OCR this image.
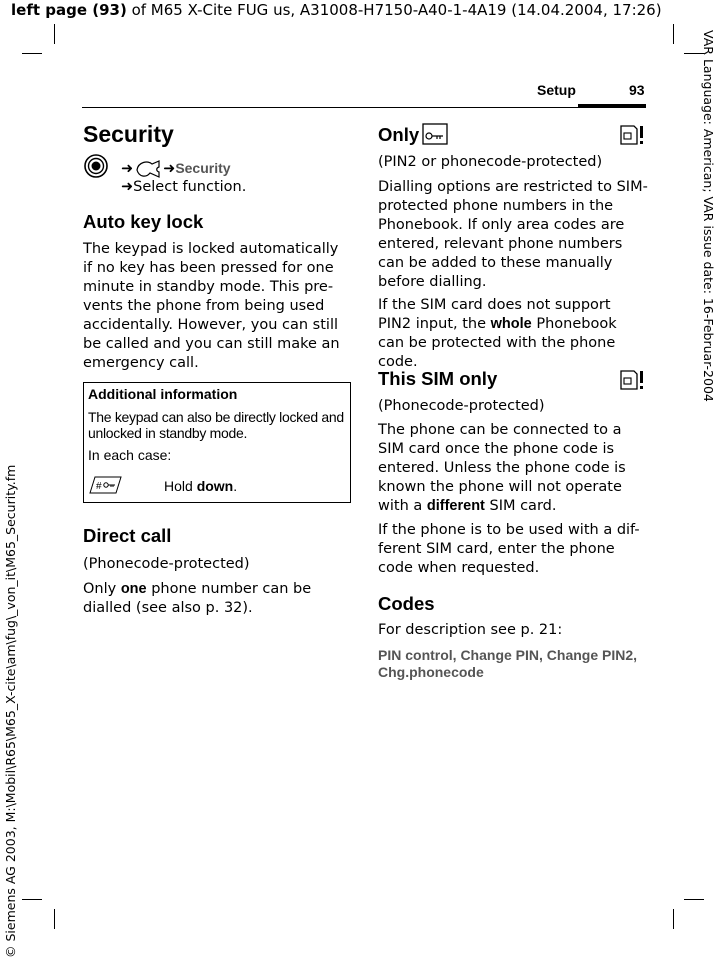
left page (93) of M65 X-Cite FUG us, A31008-H7150-A40-1-4A19 (14.04.2004, 17:26)
VAR Language: American; VAR issue date: 16-Februar-2004
© Siemens AG 2003, M:\Mobil\R65\M65_X-cite\am\fug\_von_it\M65_Security.fm
Setup	93
Security
➜ ➜Security
➜Select function.
Auto key lock
The keypad is locked automatically if no key has been pressed for one minute in standby mode. This pre-vents the phone from being used accidentally. However, you can still be called and you can still make an emergency call.
Additional information
The keypad can also be directly locked and unlocked in standby mode.
In each case:
#	Hold down.
Direct call
(Phonecode-protected)
Only one phone number can be dialled (see also p. 32).
Only
(PIN2 or phonecode-protected)
Dialling options are restricted to SIM-protected phone numbers in the Phonebook. If only area codes are entered, relevant phone numbers can be added to these manually before dialling.
If the SIM card does not support PIN2 input, the whole Phonebook can be protected with the phone code.
This SIM only
(Phonecode-protected)
The phone can be connected to a SIM card once the phone code is entered. Unless the phone code is known the phone will not operate with a different SIM card.
If the phone is to be used with a dif-ferent SIM card, enter the phone code when requested.
Codes
For description see p. 21:
PIN control, Change PIN, Change PIN2, Chg.phonecode
